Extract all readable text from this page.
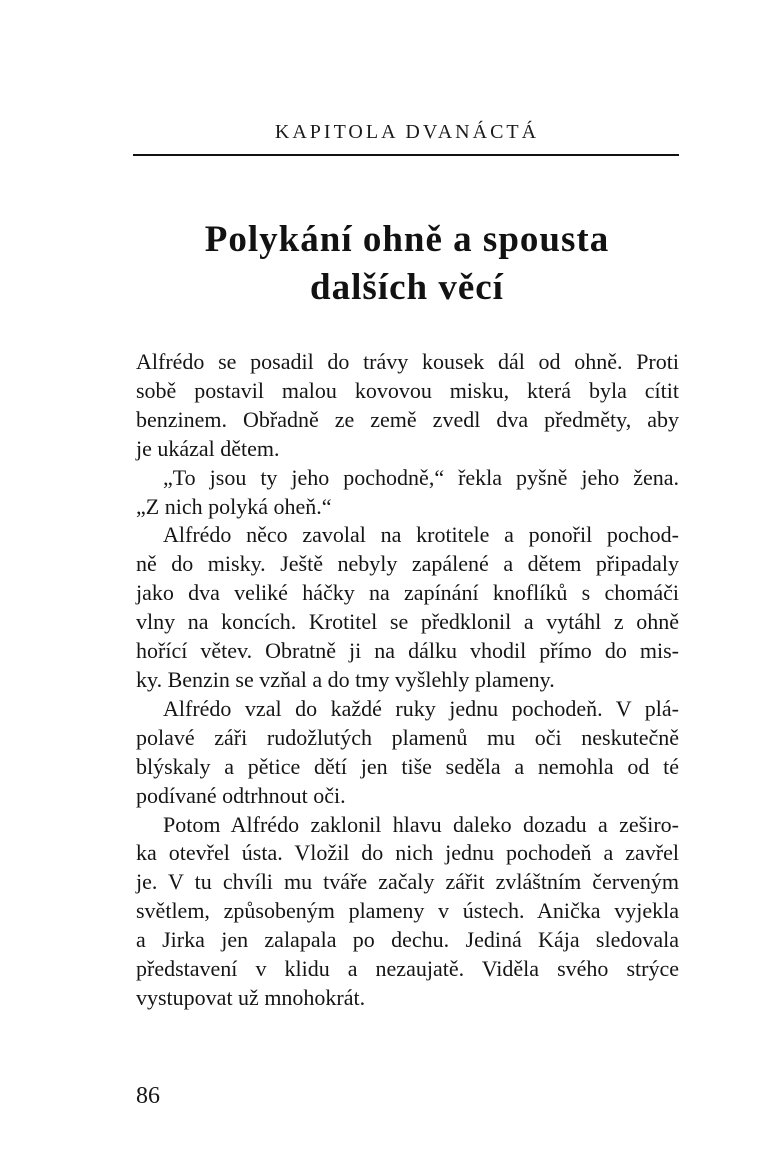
KAPITOLA DVANÁCTÁ
Polykání ohně a spousta
dalších věcí
Alfrédo se posadil do trávy kousek dál od ohně. Proti
sobě postavil malou kovovou misku, která byla cítit
benzinem. Obřadně ze země zvedl dva předměty, aby
je ukázal dětem.
„To jsou ty jeho pochodně,“ řekla pyšně jeho žena.
„Z nich polyká oheň.“
Alfrédo něco zavolal na krotitele a ponořil pochod-
ně do misky. Ještě nebyly zapálené a dětem připadaly
jako dva veliké háčky na zapínání knoflíků s chomáči
vlny na koncích. Krotitel se předklonil a vytáhl z ohně
hořící větev. Obratně ji na dálku vhodil přímo do mis-
ky. Benzin se vzňal a do tmy vyšlehly plameny.
Alfrédo vzal do každé ruky jednu pochodeň. V plá-
polavé záři rudožlutých plamenů mu oči neskutečně
blýskaly a pětice dětí jen tiše seděla a nemohla od té
podívané odtrhnout oči.
Potom Alfrédo zaklonil hlavu daleko dozadu a zeširo-
ka otevřel ústa. Vložil do nich jednu pochodeň a zavřel
je. V tu chvíli mu tváře začaly zářit zvláštním červeným
světlem, způsobeným plameny v ústech. Anička vyjekla
a Jirka jen zalapala po dechu. Jediná Kája sledovala
představení v klidu a nezaujatě. Viděla svého strýce
vystupovat už mnohokrát.
86
